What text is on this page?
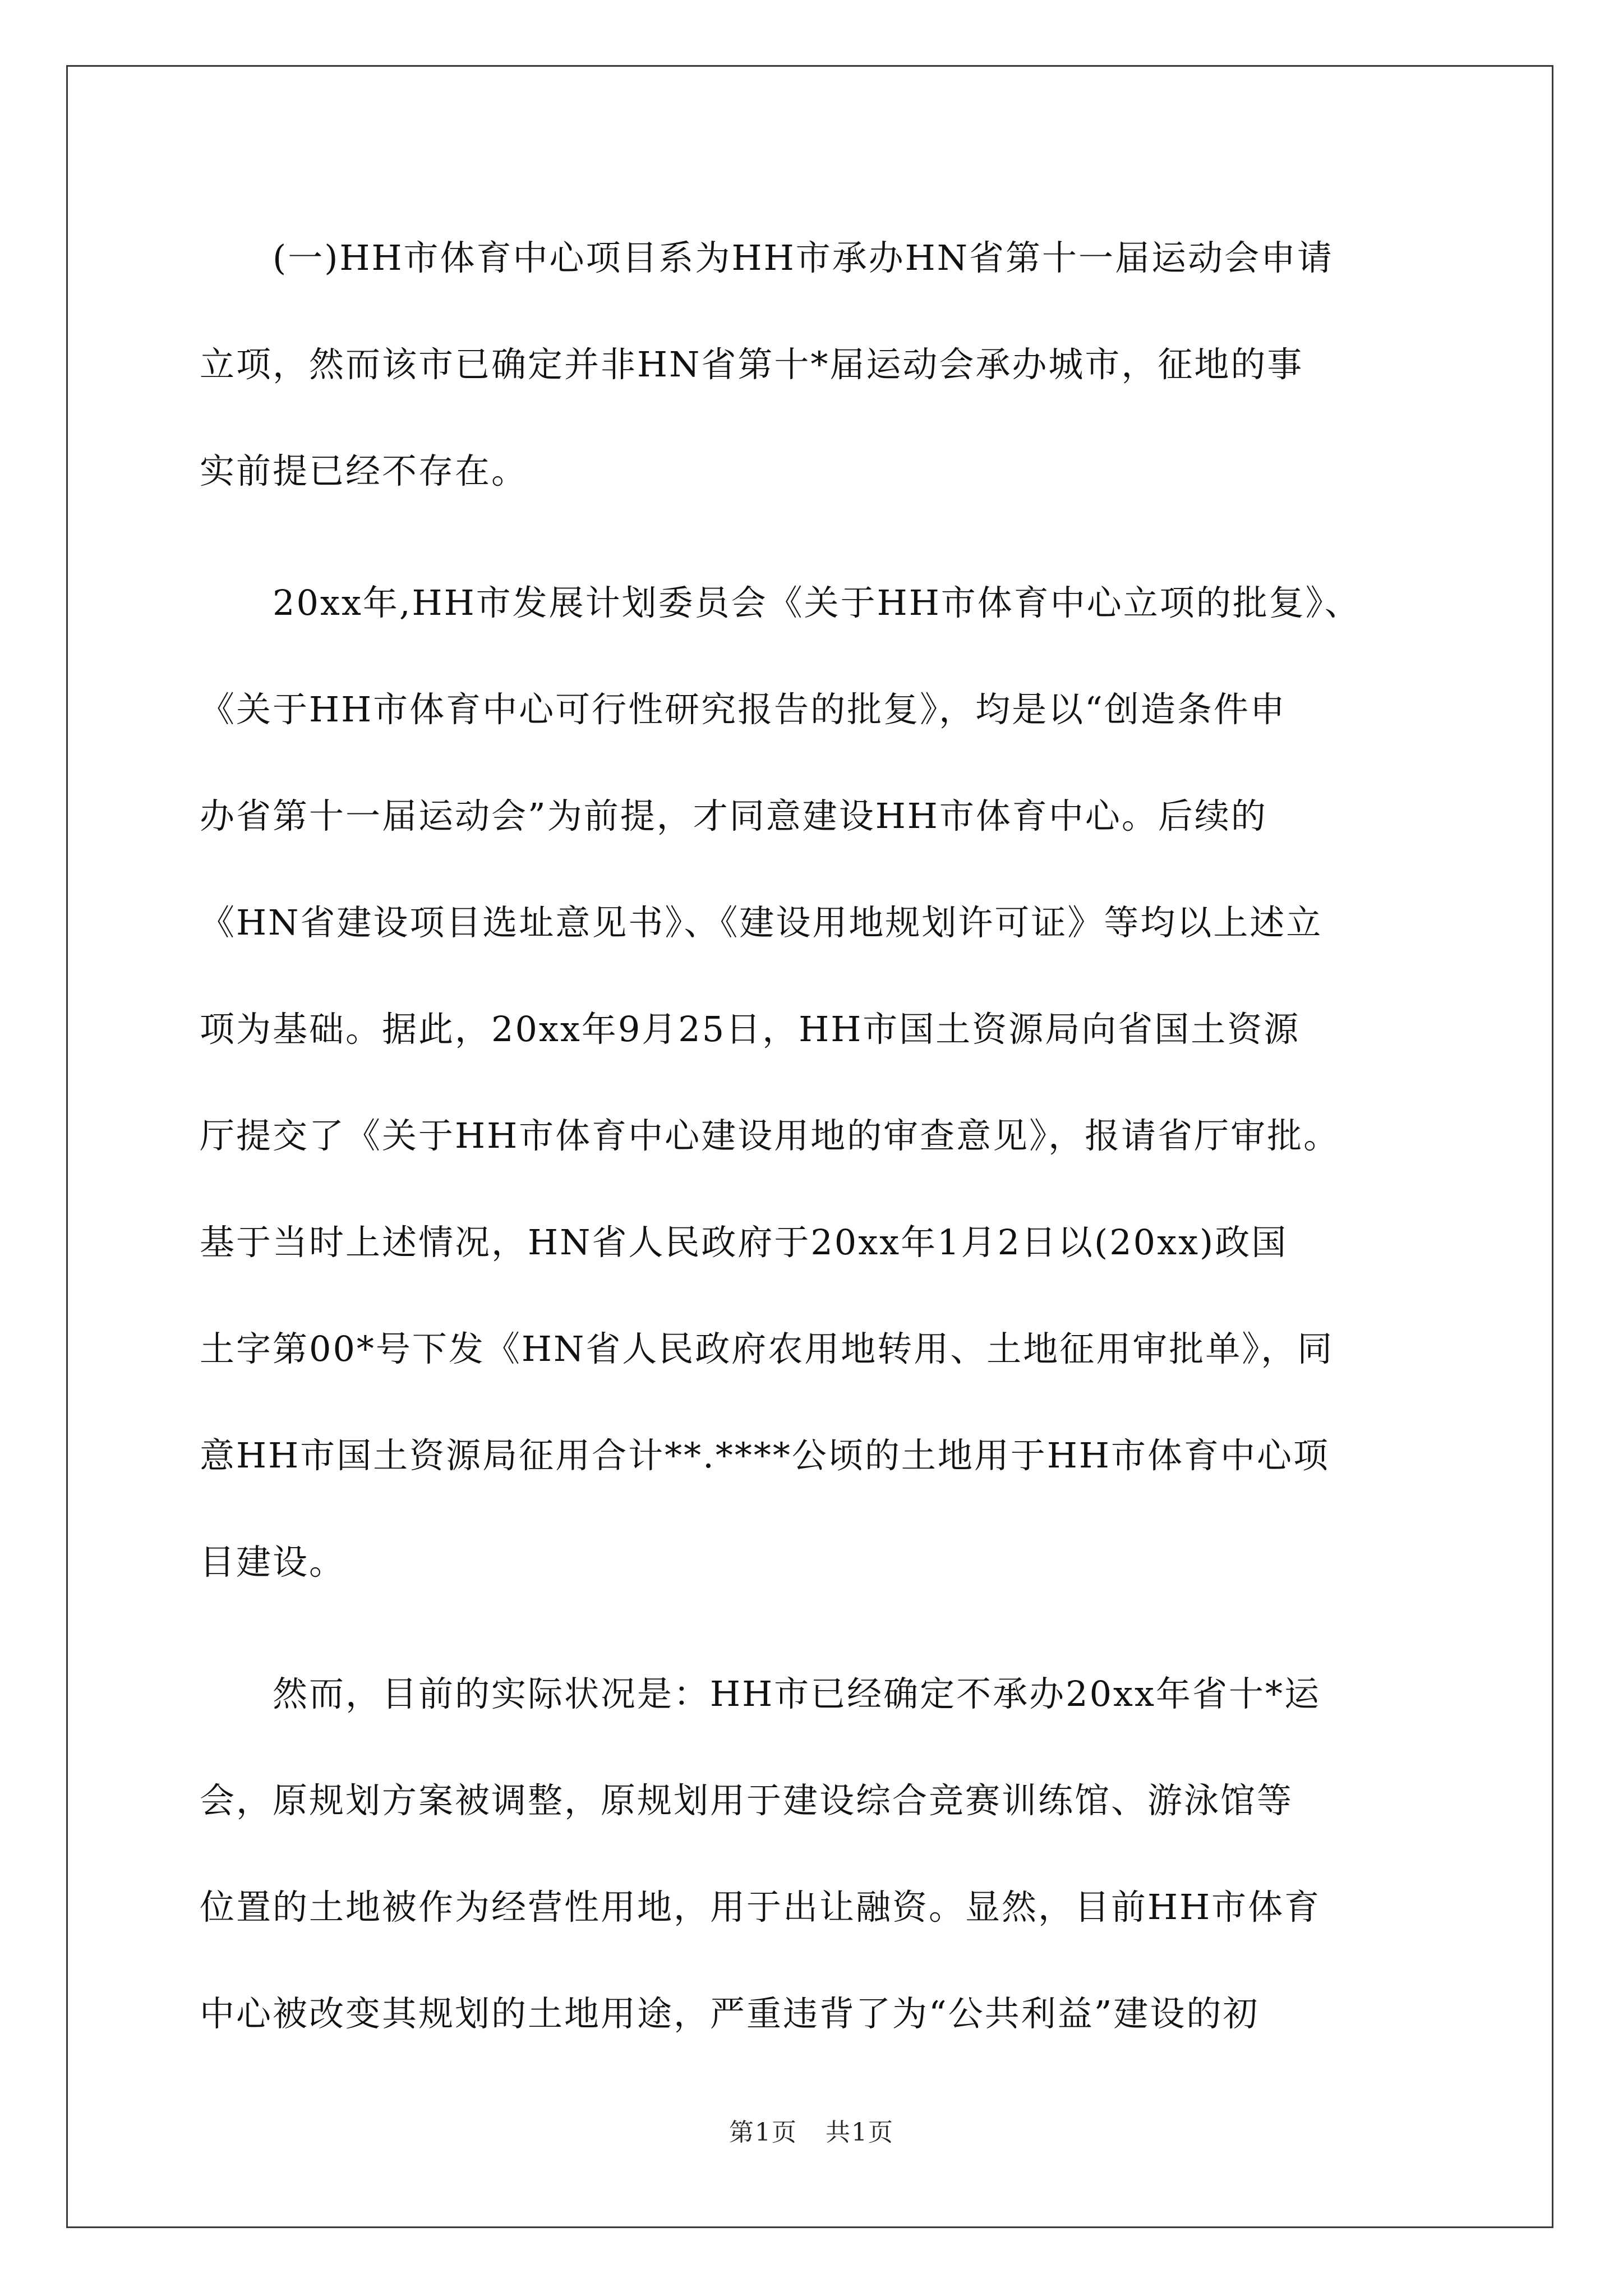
　　(一)HH市体育中心项目系为HH市承办HN省第十一届运动会申请
立项，然而该市已确定并非HN省第十*届运动会承办城市，征地的事
实前提已经不存在。
　　20xx年,HH市发展计划委员会《关于HH市体育中心立项的批复》、
《关于HH市体育中心可行性研究报告的批复》，均是以“创造条件申
办省第十一届运动会”为前提，才同意建设HH市体育中心。后续的
《HN省建设项目选址意见书》、《建设用地规划许可证》等均以上述立
项为基础。据此，20xx年9月25日，HH市国土资源局向省国土资源
厅提交了《关于HH市体育中心建设用地的审查意见》，报请省厅审批。
基于当时上述情况，HN省人民政府于20xx年1月2日以(20xx)政国
土字第00*号下发《HN省人民政府农用地转用、土地征用审批单》，同
意HH市国土资源局征用合计**.****公顷的土地用于HH市体育中心项
目建设。
　　然而，目前的实际状况是：HH市已经确定不承办20xx年省十*运
会，原规划方案被调整，原规划用于建设综合竞赛训练馆、游泳馆等
位置的土地被作为经营性用地，用于出让融资。显然，目前HH市体育
中心被改变其规划的土地用途，严重违背了为“公共利益”建设的初
第1页 共1页
